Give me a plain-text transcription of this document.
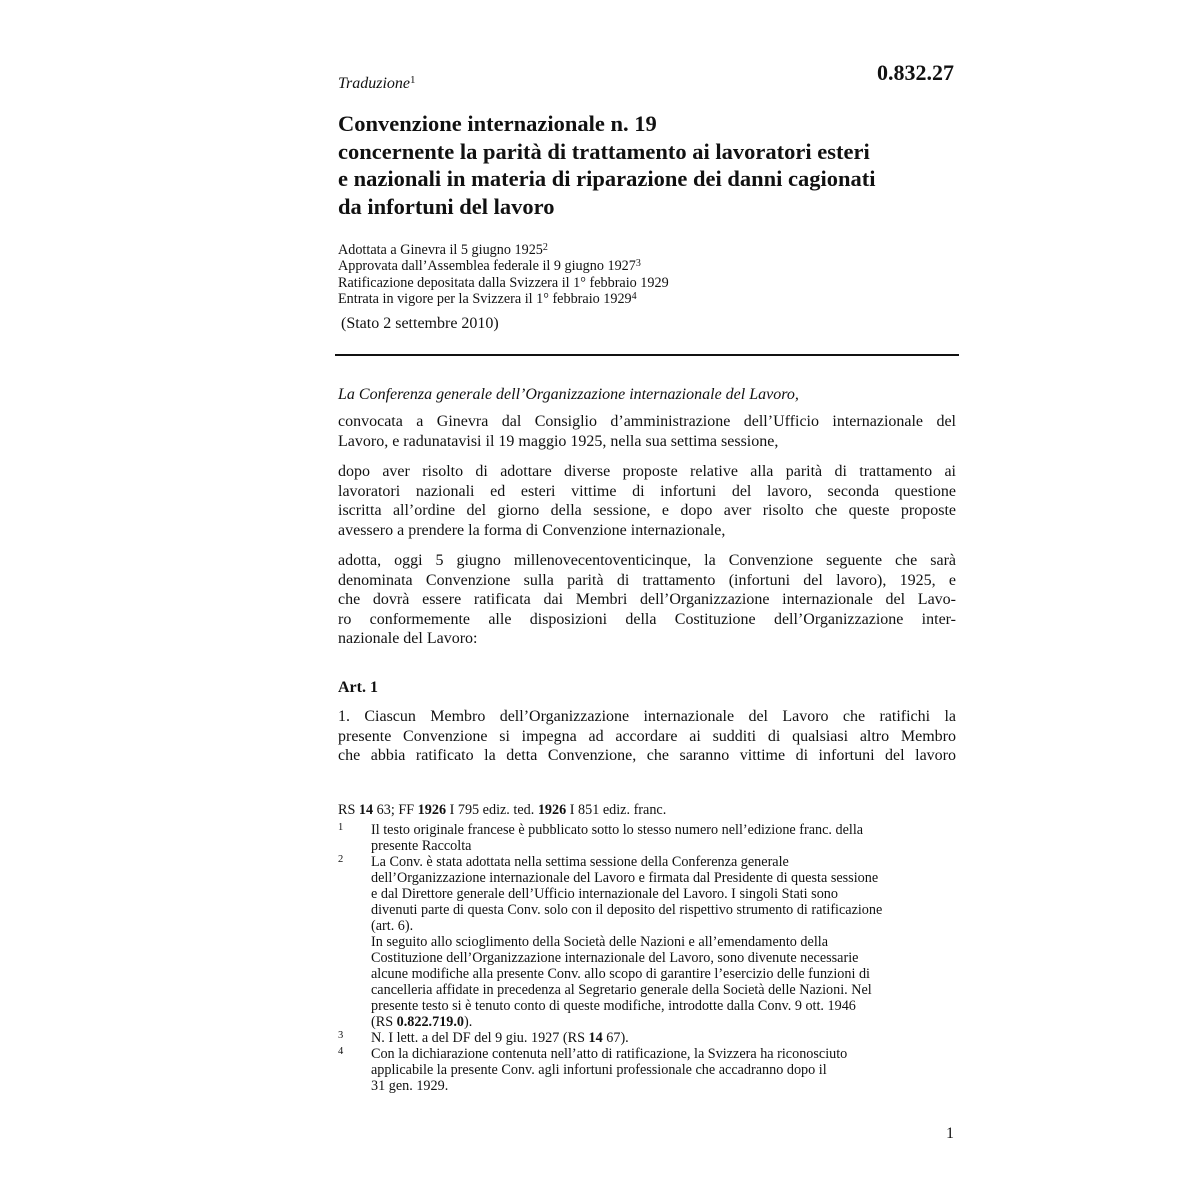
Traduzione$^1$	0.832.27
Convenzione internazionale n. 19
concernente la parità di trattamento ai lavoratori esteri
e nazionali in materia di riparazione dei danni cagionati
da infortuni del lavoro
Adottata a Ginevra il 5 giugno 1925$^2$
Approvata dall’Assemblea federale il 9 giugno 1927$^3$
Ratificazione depositata dalla Svizzera il 1° febbraio 1929
Entrata in vigore per la Svizzera il 1° febbraio 1929$^4$
(Stato 2 settembre 2010)
La Conferenza generale dell’Organizzazione internazionale del Lavoro,
convocata a Ginevra dal Consiglio d’amministrazione dell’Ufficio internazionale del
Lavoro, e radunatavisi il 19 maggio 1925, nella sua settima sessione,
dopo aver risolto di adottare diverse proposte relative alla parità di trattamento ai
lavoratori nazionali ed esteri vittime di infortuni del lavoro, seconda questione
iscritta all’ordine del giorno della sessione, e dopo aver risolto che queste proposte
avessero a prendere la forma di Convenzione internazionale,
adotta, oggi 5 giugno millenovecentoventicinque, la Convenzione seguente che sarà
denominata Convenzione sulla parità di trattamento (infortuni del lavoro), 1925, e
che dovrà essere ratificata dai Membri dell’Organizzazione internazionale del Lavo-
ro conformemente alle disposizioni della Costituzione dell’Organizzazione inter-
nazionale del Lavoro:
Art. 1
1. Ciascun Membro dell’Organizzazione internazionale del Lavoro che ratifichi la
presente Convenzione si impegna ad accordare ai sudditi di qualsiasi altro Membro
che abbia ratificato la detta Convenzione, che saranno vittime di infortuni del lavoro
RS 14 63; FF 1926 I 795 ediz. ted. 1926 I 851 ediz. franc.
1 Il testo originale francese è pubblicato sotto lo stesso numero nell’edizione franc. della
presente Raccolta
2 La Conv. è stata adottata nella settima sessione della Conferenza generale
dell’Organizzazione internazionale del Lavoro e firmata dal Presidente di questa sessione
e dal Direttore generale dell’Ufficio internazionale del Lavoro. I singoli Stati sono
divenuti parte di questa Conv. solo con il deposito del rispettivo strumento di ratificazione
(art. 6).
In seguito allo scioglimento della Società delle Nazioni e all’emendamento della
Costituzione dell’Organizzazione internazionale del Lavoro, sono divenute necessarie
alcune modifiche alla presente Conv. allo scopo di garantire l’esercizio delle funzioni di
cancelleria affidate in precedenza al Segretario generale della Società delle Nazioni. Nel
presente testo si è tenuto conto di queste modifiche, introdotte dalla Conv. 9 ott. 1946
(RS 0.822.719.0).
3 N. I lett. a del DF del 9 giu. 1927 (RS 14 67).
4 Con la dichiarazione contenuta nell’atto di ratificazione, la Svizzera ha riconosciuto
applicabile la presente Conv. agli infortuni professionale che accadranno dopo il
31 gen. 1929.
1
